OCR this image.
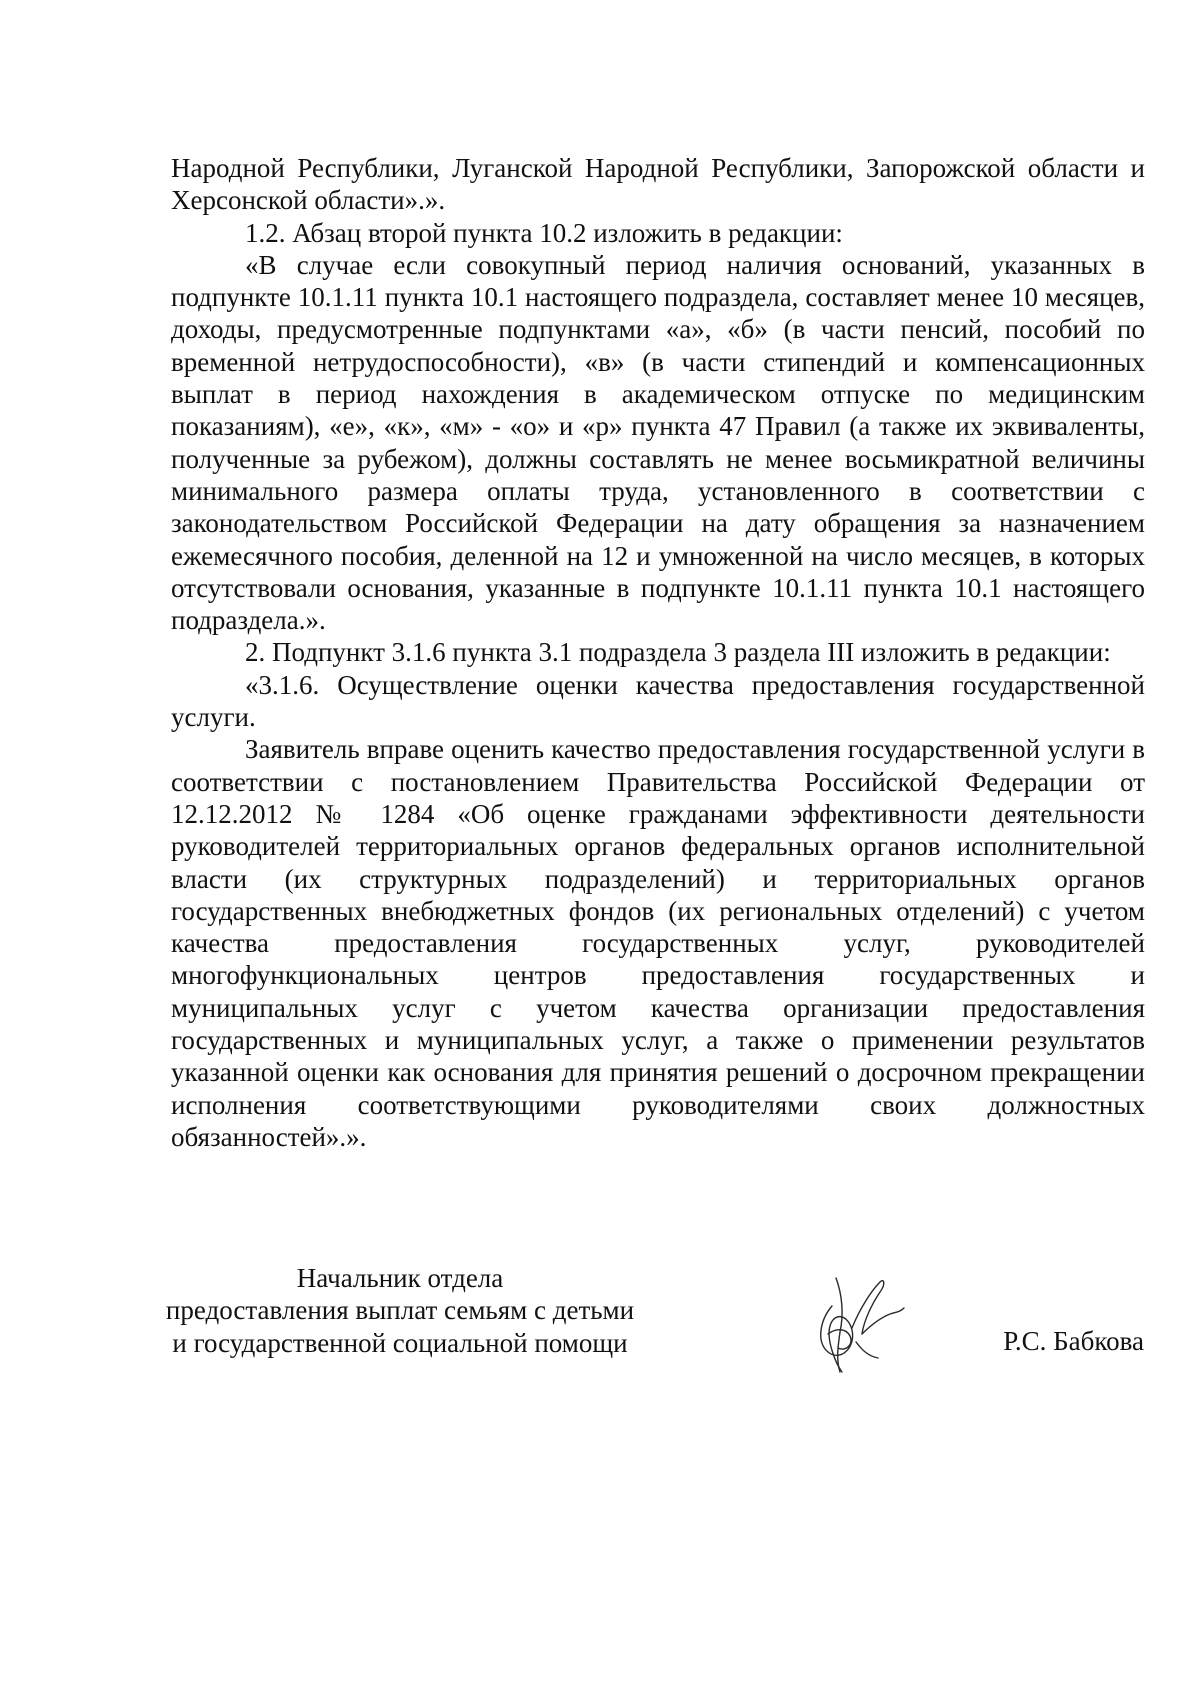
Народной Республики, Луганской Народной Республики, Запорожской области и Херсонской области».».

1.2. Абзац второй пункта 10.2 изложить в редакции:

«В случае если совокупный период наличия оснований, указанных в подпункте 10.1.11 пункта 10.1 настоящего подраздела, составляет менее 10 месяцев, доходы, предусмотренные подпунктами «а», «б» (в части пенсий, пособий по временной нетрудоспособности), «в» (в части стипендий и компенсационных выплат в период нахождения в академическом отпуске по медицинским показаниям), «е», «к», «м» - «о» и «р» пункта 47 Правил (а также их эквиваленты, полученные за рубежом), должны составлять не менее восьмикратной величины минимального размера оплаты труда, установленного в соответствии с законодательством Российской Федерации на дату обращения за назначением ежемесячного пособия, деленной на 12 и умноженной на число месяцев, в которых отсутствовали основания, указанные в подпункте 10.1.11 пункта 10.1 настоящего подраздела.».

2. Подпункт 3.1.6 пункта 3.1 подраздела 3 раздела III изложить в редакции:

«3.1.6. Осуществление оценки качества предоставления государственной услуги.

Заявитель вправе оценить качество предоставления государственной услуги в соответствии с постановлением Правительства Российской Федерации от 12.12.2012 № 1284 «Об оценке гражданами эффективности деятельности руководителей территориальных органов федеральных органов исполнительной власти (их структурных подразделений) и территориальных органов государственных внебюджетных фондов (их региональных отделений) с учетом качества предоставления государственных услуг, руководителей многофункциональных центров предоставления государственных и муниципальных услуг с учетом качества организации предоставления государственных и муниципальных услуг, а также о применении результатов указанной оценки как основания для принятия решений о досрочном прекращении исполнения соответствующими руководителями своих должностных обязанностей».».

Начальник отдела
предоставления выплат семьям с детьми
и государственной социальной помощи	Р.С. Бабкова
